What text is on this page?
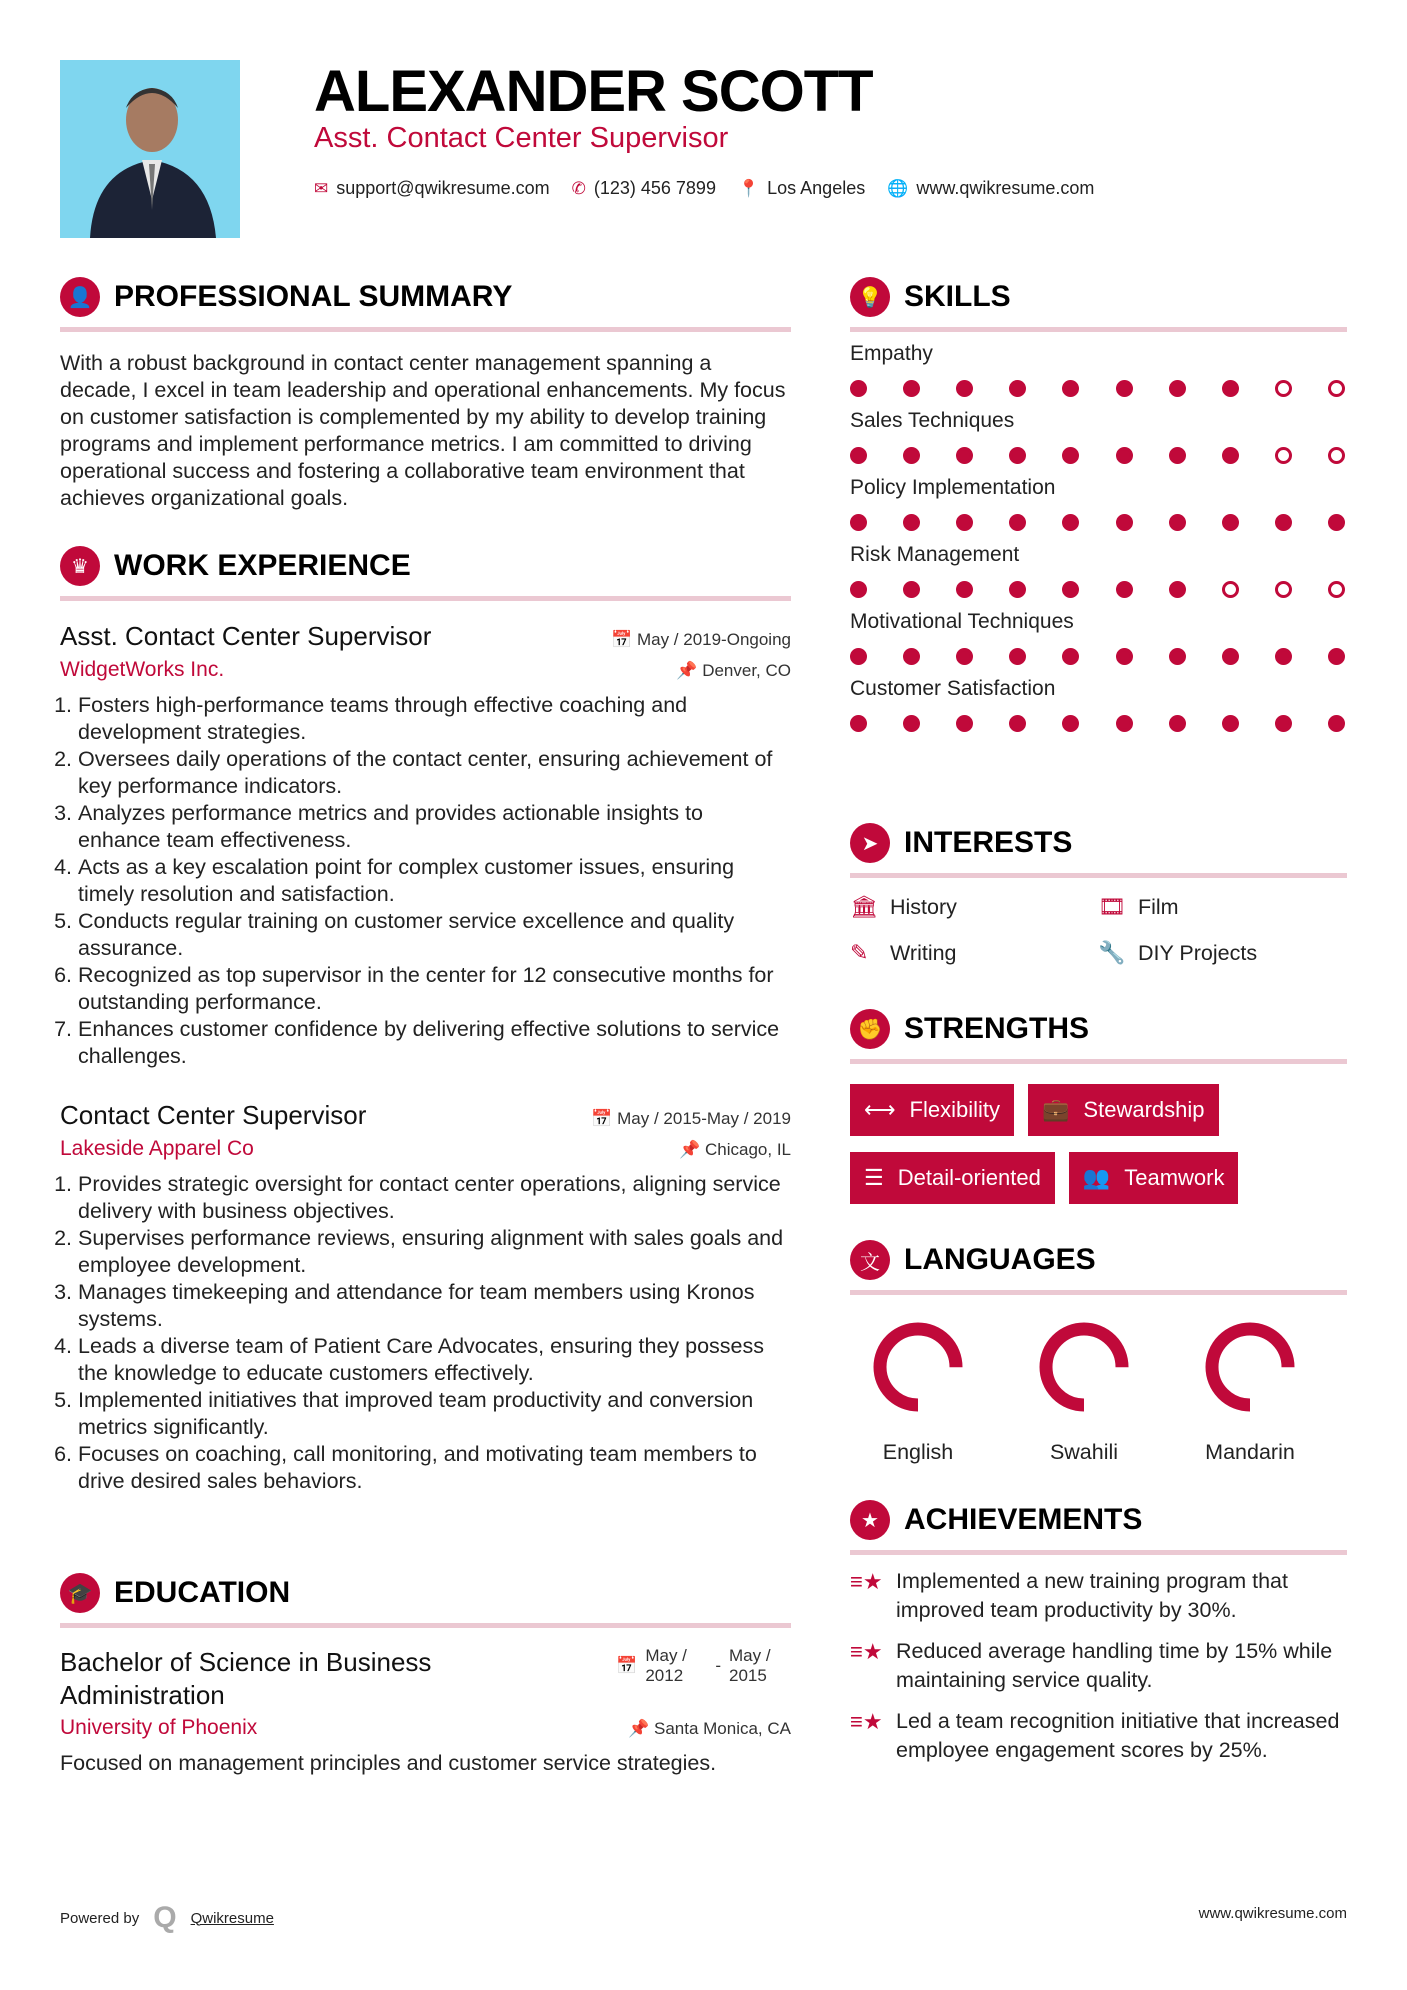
ALEXANDER SCOTT
Asst. Contact Center Supervisor
✉ support@qwikresume.com ✆ (123) 456 7899 📍 Los Angeles 🌐 www.qwikresume.com
👤 PROFESSIONAL SUMMARY

With a robust background in contact center management spanning a decade, I excel in team leadership and operational enhancements. My focus on customer satisfaction is complemented by my ability to develop training programs and implement performance metrics. I am committed to driving operational success and fostering a collaborative team environment that achieves organizational goals.

♛ WORK EXPERIENCE
Asst. Contact Center Supervisor	📅 May / 2019-Ongoing
WidgetWorks Inc.	📌 Denver, CO
1. Fosters high-performance teams through effective coaching and development strategies.
2. Oversees daily operations of the contact center, ensuring achievement of key performance indicators.
3. Analyzes performance metrics and provides actionable insights to enhance team effectiveness.
4. Acts as a key escalation point for complex customer issues, ensuring timely resolution and satisfaction.
5. Conducts regular training on customer service excellence and quality assurance.
6. Recognized as top supervisor in the center for 12 consecutive months for outstanding performance.
7. Enhances customer confidence by delivering effective solutions to service challenges.
Contact Center Supervisor	📅 May / 2015-May / 2019
Lakeside Apparel Co	📌 Chicago, IL
1. Provides strategic oversight for contact center operations, aligning service delivery with business objectives.
2. Supervises performance reviews, ensuring alignment with sales goals and employee development.
3. Manages timekeeping and attendance for team members using Kronos systems.
4. Leads a diverse team of Patient Care Advocates, ensuring they possess the knowledge to educate customers effectively.
5. Implemented initiatives that improved team productivity and conversion metrics significantly.
6. Focuses on coaching, call monitoring, and motivating team members to drive desired sales behaviors.
🎓 EDUCATION
Bachelor of Science in Business Administration
📅
May / 2012
-
May / 2015
University of Phoenix	📌 Santa Monica, CA

Focused on management principles and customer service strategies.

💡 SKILLS
Empathy
Sales Techniques
Policy Implementation
Risk Management
Motivational Techniques
Customer Satisfaction
➤ INTERESTS
🏛 History	🎞 Film
✎	Writing	🔧 DIY Projects
✊ STRENGTHS
⟷ Flexibility 💼 Stewardship
☰ Detail-oriented 👥 Teamwork
文 LANGUAGES
English	Swahili	Mandarin
★ ACHIEVEMENTS
≡★ Implemented a new training program that improved team productivity by 30%.
≡★ Reduced average handling time by 15% while maintaining service quality.
≡★ Led a team recognition initiative that increased employee engagement scores by 25%.
Powered by Q Qwikresume	www.qwikresume.com
